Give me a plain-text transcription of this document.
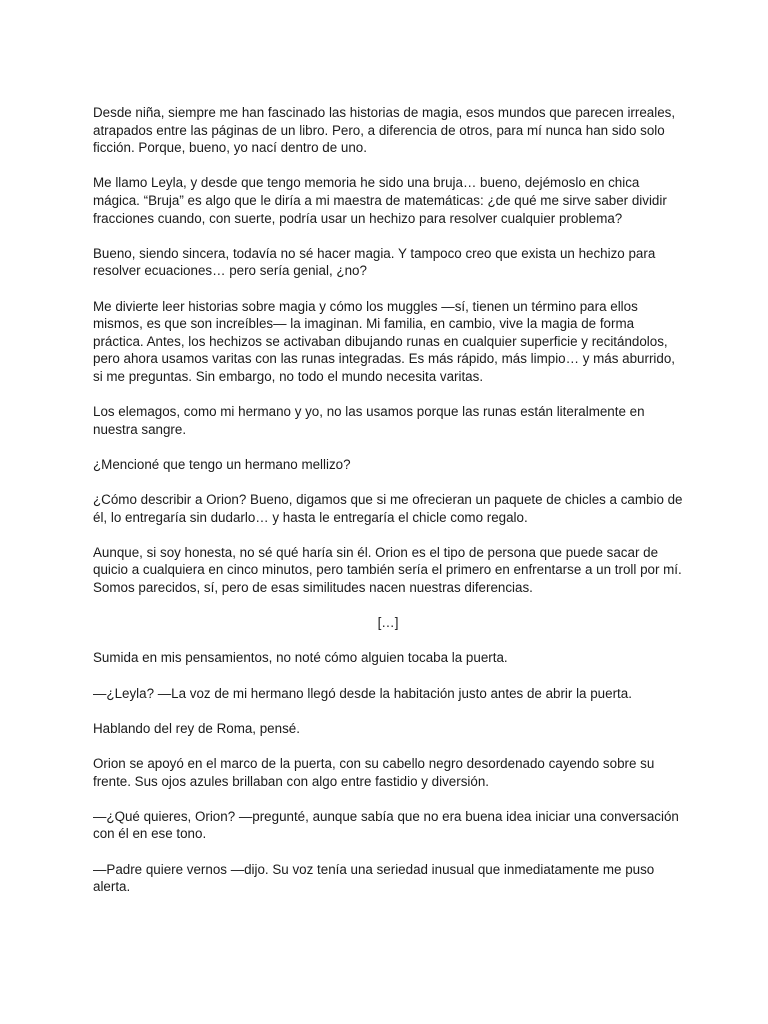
Desde niña, siempre me han fascinado las historias de magia, esos mundos que parecen irreales, atrapados entre las páginas de un libro. Pero, a diferencia de otros, para mí nunca han sido solo ficción. Porque, bueno, yo nací dentro de uno.

Me llamo Leyla, y desde que tengo memoria he sido una bruja… bueno, dejémoslo en chica mágica. “Bruja” es algo que le diría a mi maestra de matemáticas: ¿de qué me sirve saber dividir fracciones cuando, con suerte, podría usar un hechizo para resolver cualquier problema?

Bueno, siendo sincera, todavía no sé hacer magia. Y tampoco creo que exista un hechizo para resolver ecuaciones… pero sería genial, ¿no?

Me divierte leer historias sobre magia y cómo los muggles —sí, tienen un término para ellos mismos, es que son increíbles— la imaginan. Mi familia, en cambio, vive la magia de forma práctica. Antes, los hechizos se activaban dibujando runas en cualquier superficie y recitándolos, pero ahora usamos varitas con las runas integradas. Es más rápido, más limpio… y más aburrido, si me preguntas. Sin embargo, no todo el mundo necesita varitas.

Los elemagos, como mi hermano y yo, no las usamos porque las runas están literalmente en nuestra sangre.

¿Mencioné que tengo un hermano mellizo?

¿Cómo describir a Orion? Bueno, digamos que si me ofrecieran un paquete de chicles a cambio de él, lo entregaría sin dudarlo… y hasta le entregaría el chicle como regalo.

Aunque, si soy honesta, no sé qué haría sin él. Orion es el tipo de persona que puede sacar de quicio a cualquiera en cinco minutos, pero también sería el primero en enfrentarse a un troll por mí. Somos parecidos, sí, pero de esas similitudes nacen nuestras diferencias.

[…]

Sumida en mis pensamientos, no noté cómo alguien tocaba la puerta.

—¿Leyla? —La voz de mi hermano llegó desde la habitación justo antes de abrir la puerta.

Hablando del rey de Roma, pensé.

Orion se apoyó en el marco de la puerta, con su cabello negro desordenado cayendo sobre su frente. Sus ojos azules brillaban con algo entre fastidio y diversión.

—¿Qué quieres, Orion? —pregunté, aunque sabía que no era buena idea iniciar una conversación con él en ese tono.

—Padre quiere vernos —dijo. Su voz tenía una seriedad inusual que inmediatamente me puso alerta.
